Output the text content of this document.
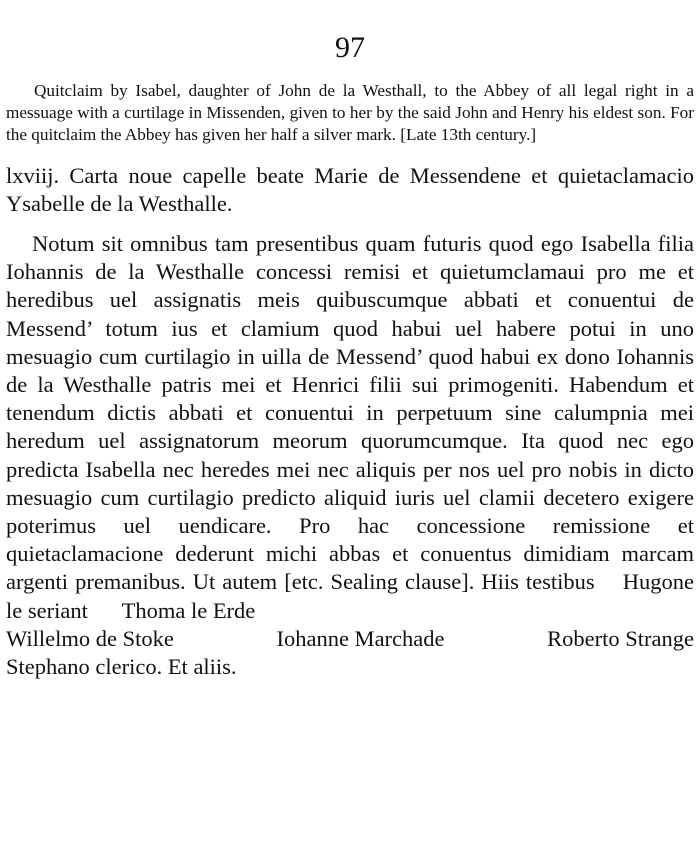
97

Quitclaim by Isabel, daughter of John de la Westhall, to the Abbey of all legal right in a messuage with a curtilage in Missenden, given to her by the said John and Henry his eldest son. For the quitclaim the Abbey has given her half a silver mark. [Late 13th century.]

lxviij. Carta noue capelle beate Marie de Messendene et quietaclamacio Ysabelle de la Westhalle.

Notum sit omnibus tam presentibus quam futuris quod ego Isabella filia Iohannis de la Westhalle concessi remisi et quietumclamaui pro me et heredibus uel assignatis meis quibuscumque abbati et conuentui de Messend’ totum ius et clamium quod habui uel habere potui in uno mesuagio cum curtilagio in uilla de Messend’ quod habui ex dono Iohannis de la Westhalle patris mei et Henrici filii sui primogeniti. Habendum et tenendum dictis abbati et conuentui in perpetuum sine calumpnia mei heredum uel assignatorum meorum quorumcumque. Ita quod nec ego predicta Isabella nec heredes mei nec aliquis per nos uel pro nobis in dicto mesuagio cum curtilagio predicto aliquid iuris uel clamii decetero exigere poterimus uel uendicare. Pro hac concessione remissione et quietaclamacione dederunt michi abbas et conuentus dimidiam marcam argenti premanibus. Ut autem [etc. Sealing clause]. Hiis testibus Hugone le seriant Thoma le Erde

Willelmo de Stoke	Iohanne Marchade	Roberto Strange

Stephano clerico. Et aliis.
